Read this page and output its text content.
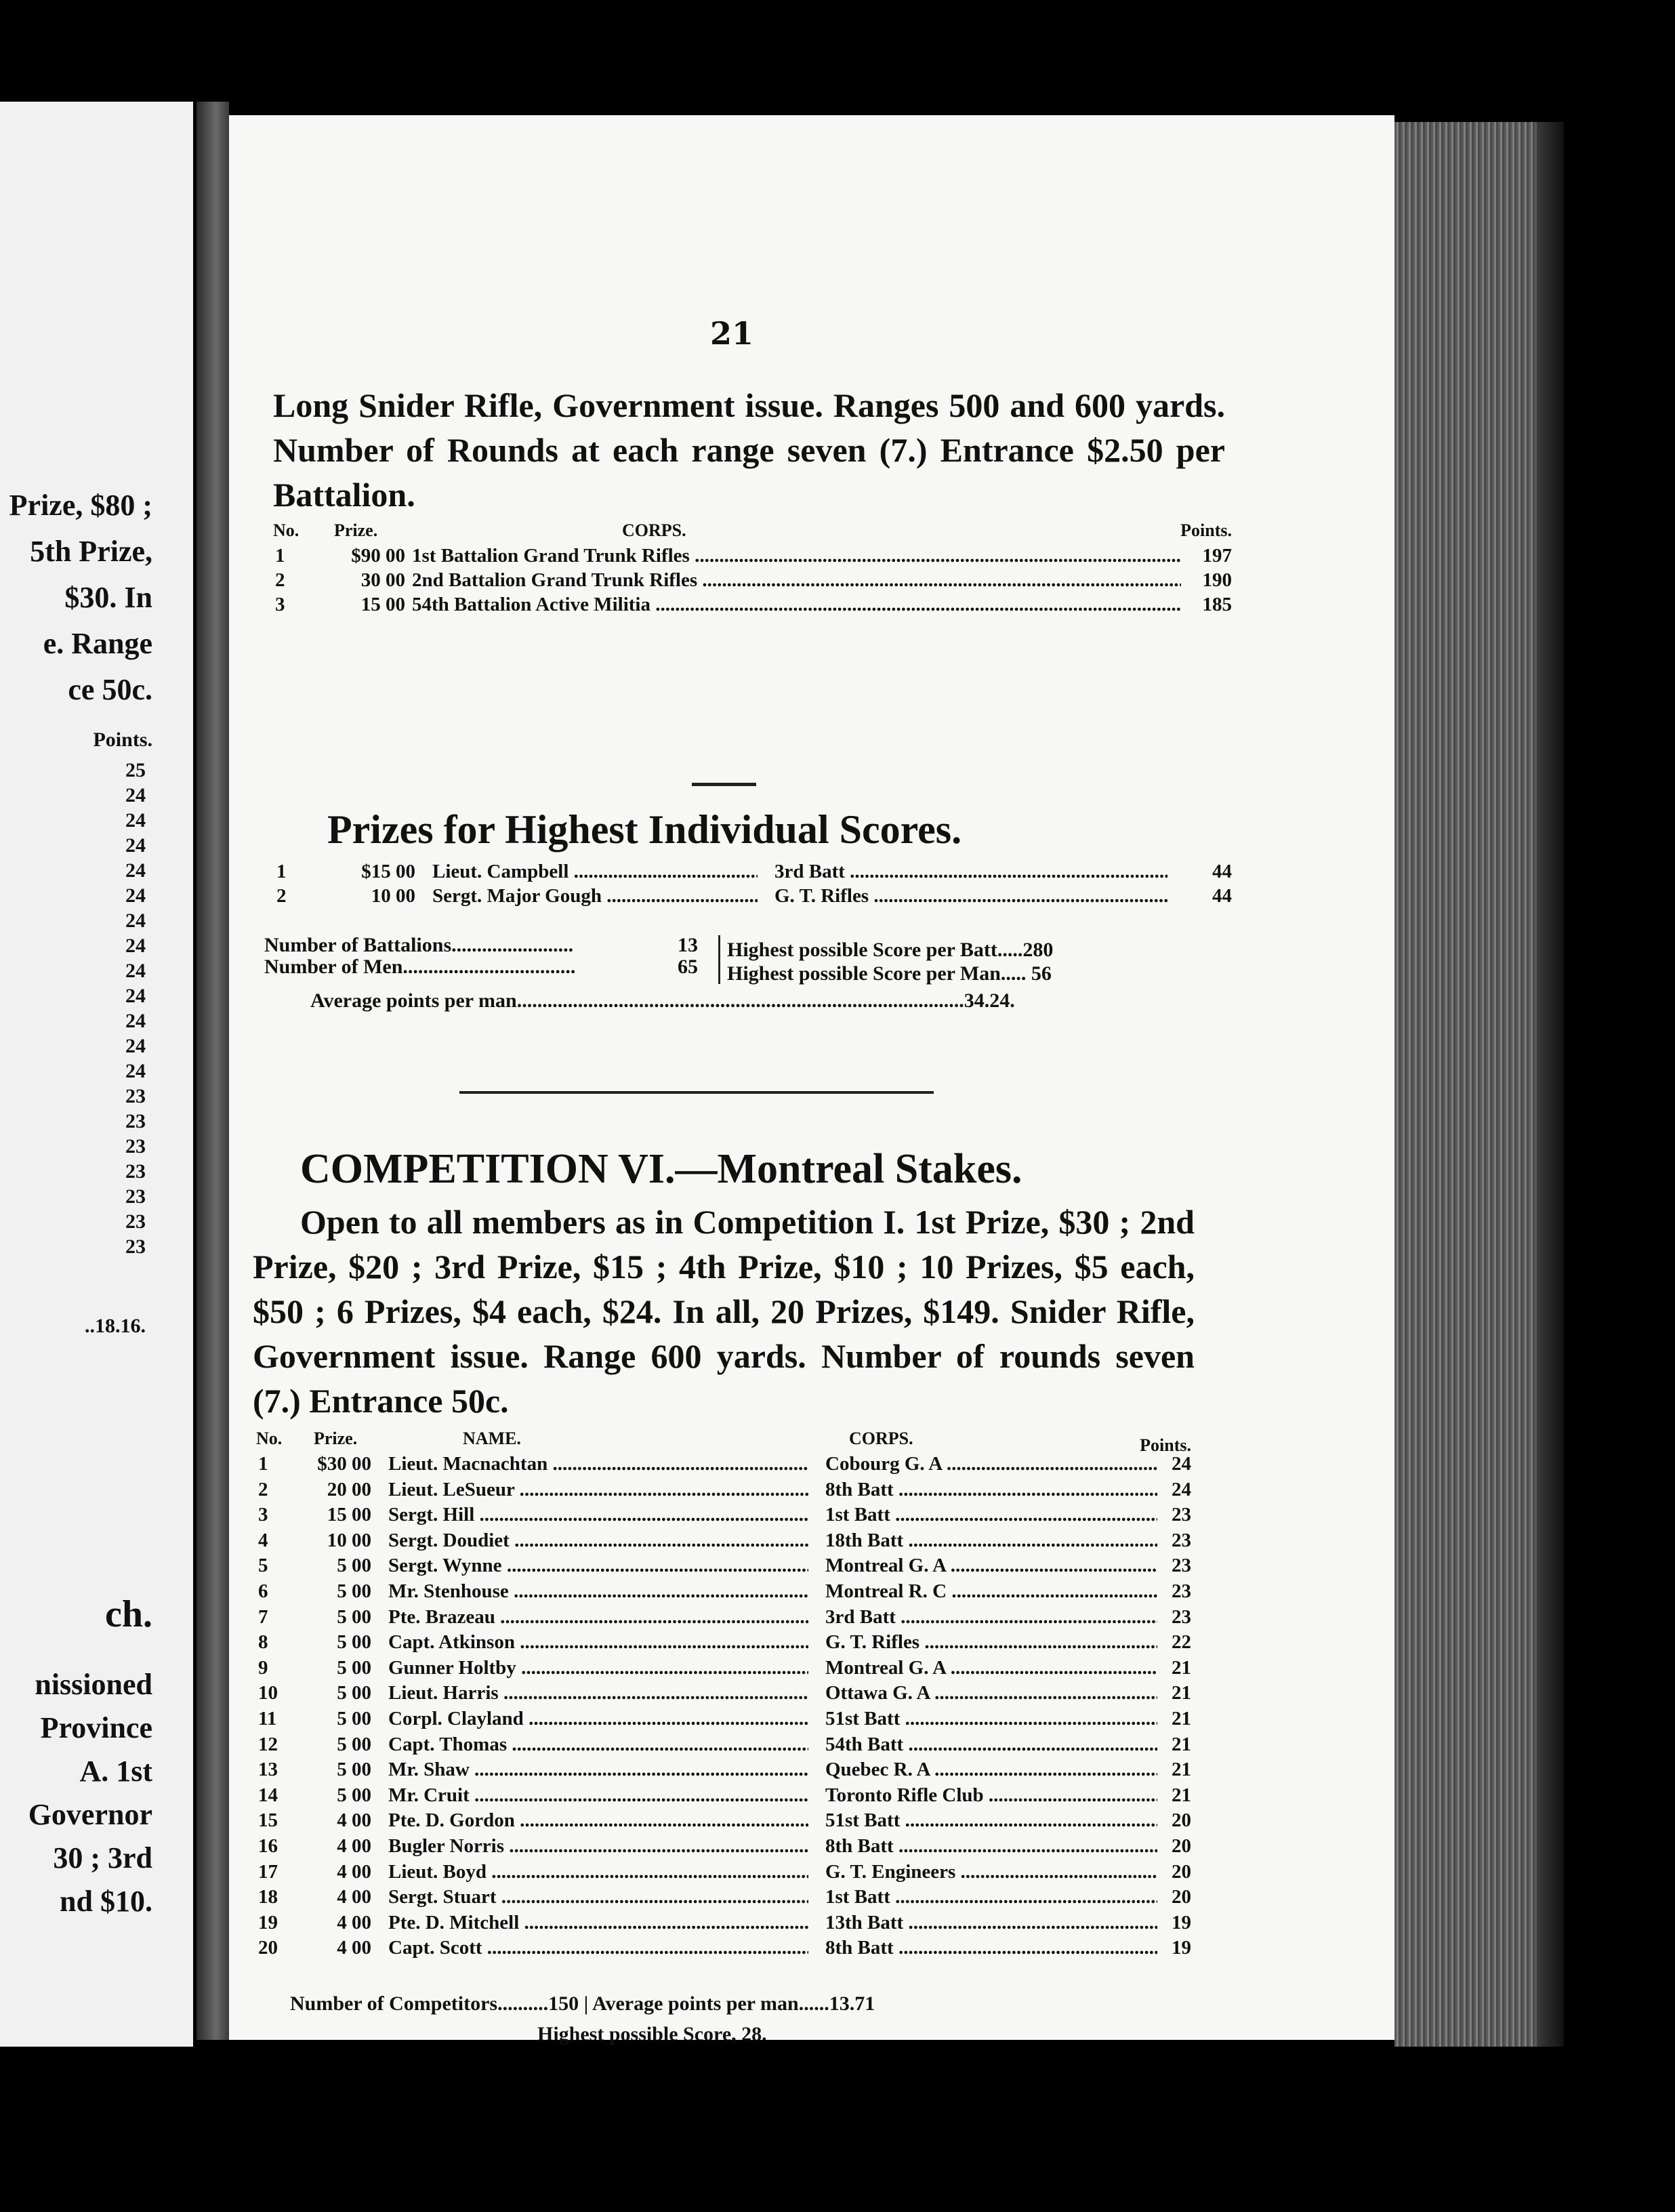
Prize, $80 ;
5th Prize,
$30. In
e. Range
ce 50c.
Points.
25
24
24
24
24
24
24
24
24
24
24
24
24
23
23
23
23
23
23
23
..18.16.
ch.
nissioned
Province
A. 1st
Governor
30 ; 3rd
nd $10.
21
Long Snider Rifle, Government issue. Ranges 500 and 600 yards. Number of Rounds at each range seven (7.) Entrance $2.50 per Battalion.
No. Prize.	CORPS.	Points.
1	$90 00 1st Battalion Grand Trunk Rifles .....	197
2	30 00 2nd Battalion Grand Trunk Rifles .....	190
3	15 00 54th Battalion Active Militia .....	185
Prizes for Highest Individual Scores.
1	$15 00 Lieut. Campbell .....	3rd Batt .....	44
2	10 00 Sergt. Major Gough .....	G. T. Rifles .....	44
Number of Battalions........................	13
Number of Men..................................	65
Highest possible Score per Batt.....280
Highest possible Score per Man..... 56
Average points per man........................................................................................34.24.
COMPETITION VI.—Montreal Stakes.
Open to all members as in Competition I. 1st Prize, $30 ; 2nd Prize, $20 ; 3rd Prize, $15 ; 4th Prize, $10 ; 10 Prizes, $5 each, $50 ; 6 Prizes, $4 each, $24. In all, 20 Prizes, $149. Snider Rifle, Government issue. Range 600 yards. Number of rounds seven (7.) Entrance 50c.
No. Prize.	NAME.	CORPS.	Points.
1	$30 00 Lieut. Macnachtan .....	Cobourg G. A .....	24
2	20 00 Lieut. LeSueur .....	8th Batt .....	24
3	15 00 Sergt. Hill .....	1st Batt .....	23
4	10 00 Sergt. Doudiet .....	18th Batt .....	23
5	5 00 Sergt. Wynne .....	Montreal G. A .....	23
6	5 00 Mr. Stenhouse .....	Montreal R. C .....	23
7	5 00 Pte. Brazeau .....	3rd Batt .....	23
8	5 00 Capt. Atkinson .....	G. T. Rifles .....	22
9	5 00 Gunner Holtby .....	Montreal G. A .....	21
10	5 00 Lieut. Harris .....	Ottawa G. A .....	21
11	5 00 Corpl. Clayland .....	51st Batt .....	21
12	5 00 Capt. Thomas .....	54th Batt .....	21
13	5 00 Mr. Shaw .....	Quebec R. A .....	21
14	5 00 Mr. Cruit .....	Toronto Rifle Club .....	21
15	4 00 Pte. D. Gordon .....	51st Batt .....	20
16	4 00 Bugler Norris .....	8th Batt .....	20
17	4 00 Lieut. Boyd .....	G. T. Engineers .....	20
18	4 00 Sergt. Stuart .....	1st Batt .....	20
19	4 00 Pte. D. Mitchell .....	13th Batt .....	19
20	4 00 Capt. Scott .....	8th Batt .....	19
Number of Competitors..........150 | Average points per man......13.71
Highest possible Score, 28.
